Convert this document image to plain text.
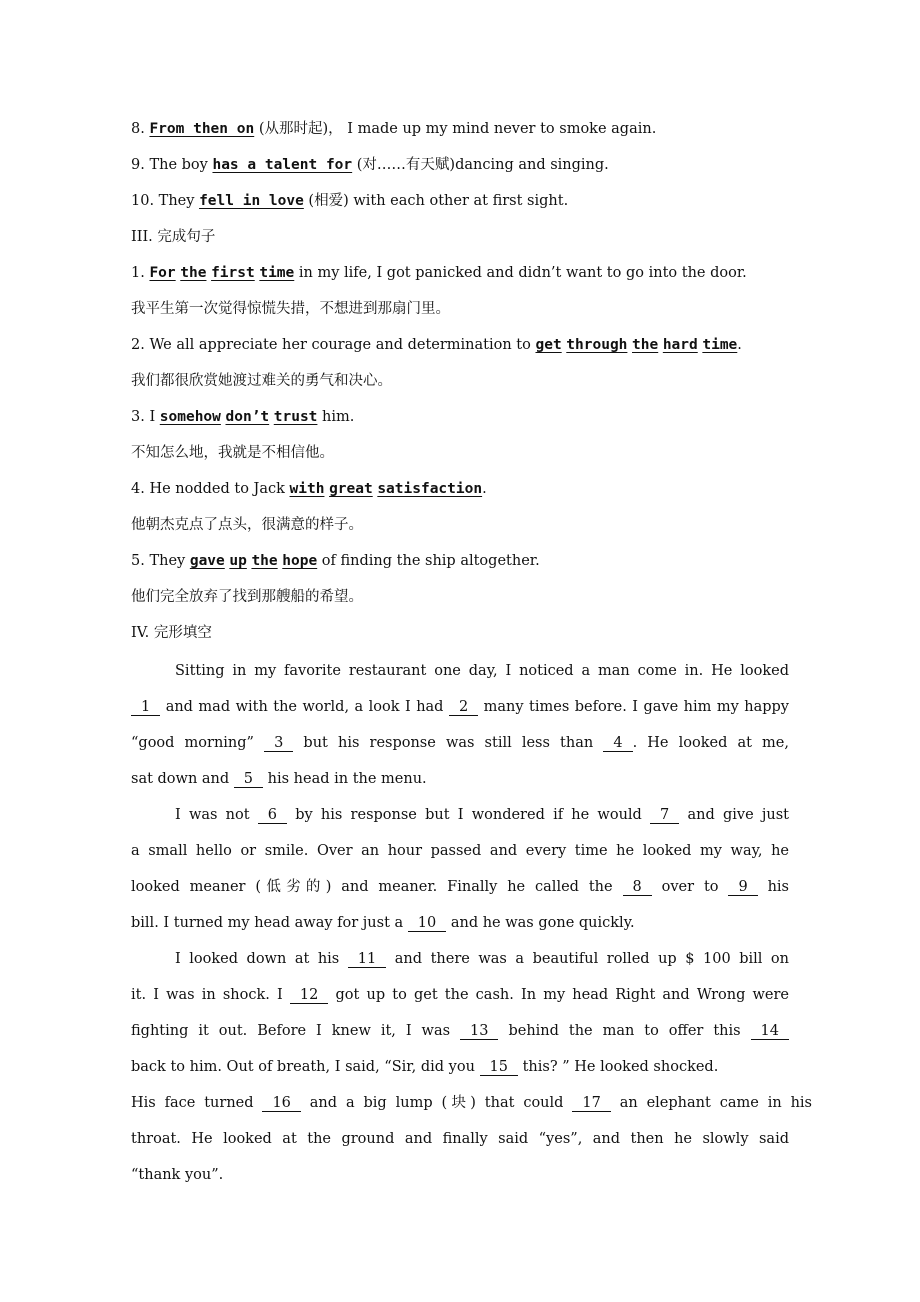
8. From then on (从那时起)， I made up my mind never to smoke again.
9. The boy has a talent for (对……有天赋)dancing and singing.
10. They fell in love (相爱) with each other at first sight.
III. 完成句子
1. For the first time in my life, I got panicked and didn’t want to go into the door.
我平生第一次觉得惊慌失措，不想进到那扇门里。
2. We all appreciate her courage and determination to get through the hard time.
我们都很欣赏她渡过难关的勇气和决心。
3. I somehow don’t trust him.
不知怎么地，我就是不相信他。
4. He nodded to Jack with great satisfaction.
他朝杰克点了点头，很满意的样子。
5. They gave up the hope of finding the ship altogether.
他们完全放弃了找到那艘船的希望。
IV. 完形填空
Sitting in my favorite restaurant one day, I noticed a man come in. He looked
1 and mad with the world, a look I had 2 many times before. I gave him my happy
“good morning” 3 but his response was still less than 4 . He looked at me,
sat down and 5 his head in the menu.
I was not 6 by his response but I wondered if he would 7 and give just
a small hello or smile. Over an hour passed and every time he looked my way, he
looked meaner (低劣的) and meaner. Finally he called the 8 over to 9 his
bill. I turned my head away for just a 10 and he was gone quickly.
I looked down at his 11 and there was a beautiful rolled up $ 100 bill on
it. I was in shock. I 12 got up to get the cash. In my head Right and Wrong were
fighting it out. Before I knew it, I was 13 behind the man to offer this 14
back to him. Out of breath, I said, “Sir, did you 15 this? ” He looked shocked.
His face turned 16 and a big lump (块) that could 17 an elephant came in his
throat. He looked at the ground and finally said “yes”, and then he slowly said
“thank you”.
